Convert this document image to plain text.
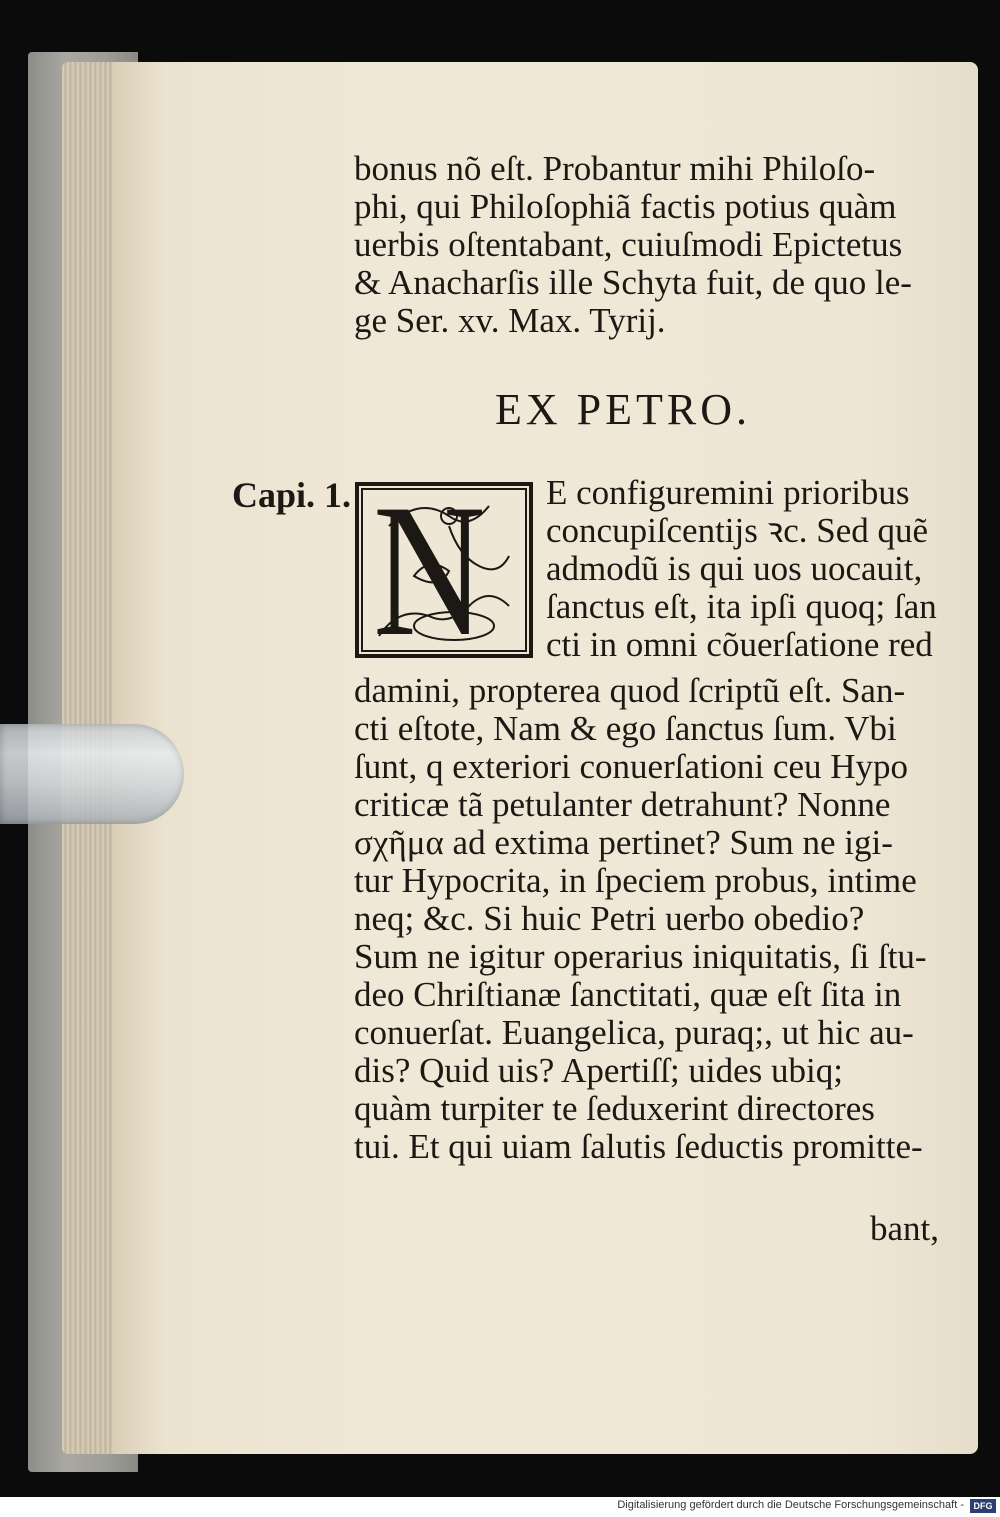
bonus nõ eſt. Probantur mihi Philoſo-

phi, qui Philoſophiã factis potius quàm

uerbis oſtentabant, cuiuſmodi Epictetus

& Anacharſis ille Schyta fuit, de quo le-

ge Ser. xv. Max. Tyrij.

EX PETRO.

Capi. 1. N E configuremini prioribus

concupiſcentijs ꝛc. Sed quẽ

admodũ is qui uos uocauit,

ſanctus eſt, ita ipſi quoq; ſan

cti in omni cõuerſatione red

damini, propterea quod ſcriptũ eſt. San-

cti eſtote, Nam & ego ſanctus ſum. Vbi

ſunt, q exteriori conuerſationi ceu Hypo

criticæ tã petulanter detrahunt? Nonne

σχῆμα ad extima pertinet? Sum ne igi-

tur Hypocrita, in ſpeciem probus, intime

neq; &c. Si huic Petri uerbo obedio?

Sum ne igitur operarius iniquitatis, ſi ſtu-

deo Chriſtianæ ſanctitati, quæ eſt ſita in

conuerſat. Euangelica, puraq;, ut hic au-

dis? Quid uis? Apertiſſ; uides ubiq;

quàm turpiter te ſeduxerint directores

tui. Et qui uiam ſalutis ſeductis promitte-

bant,

Digitalisierung gefördert durch die Deutsche Forschungsgemeinschaft -	DFG
